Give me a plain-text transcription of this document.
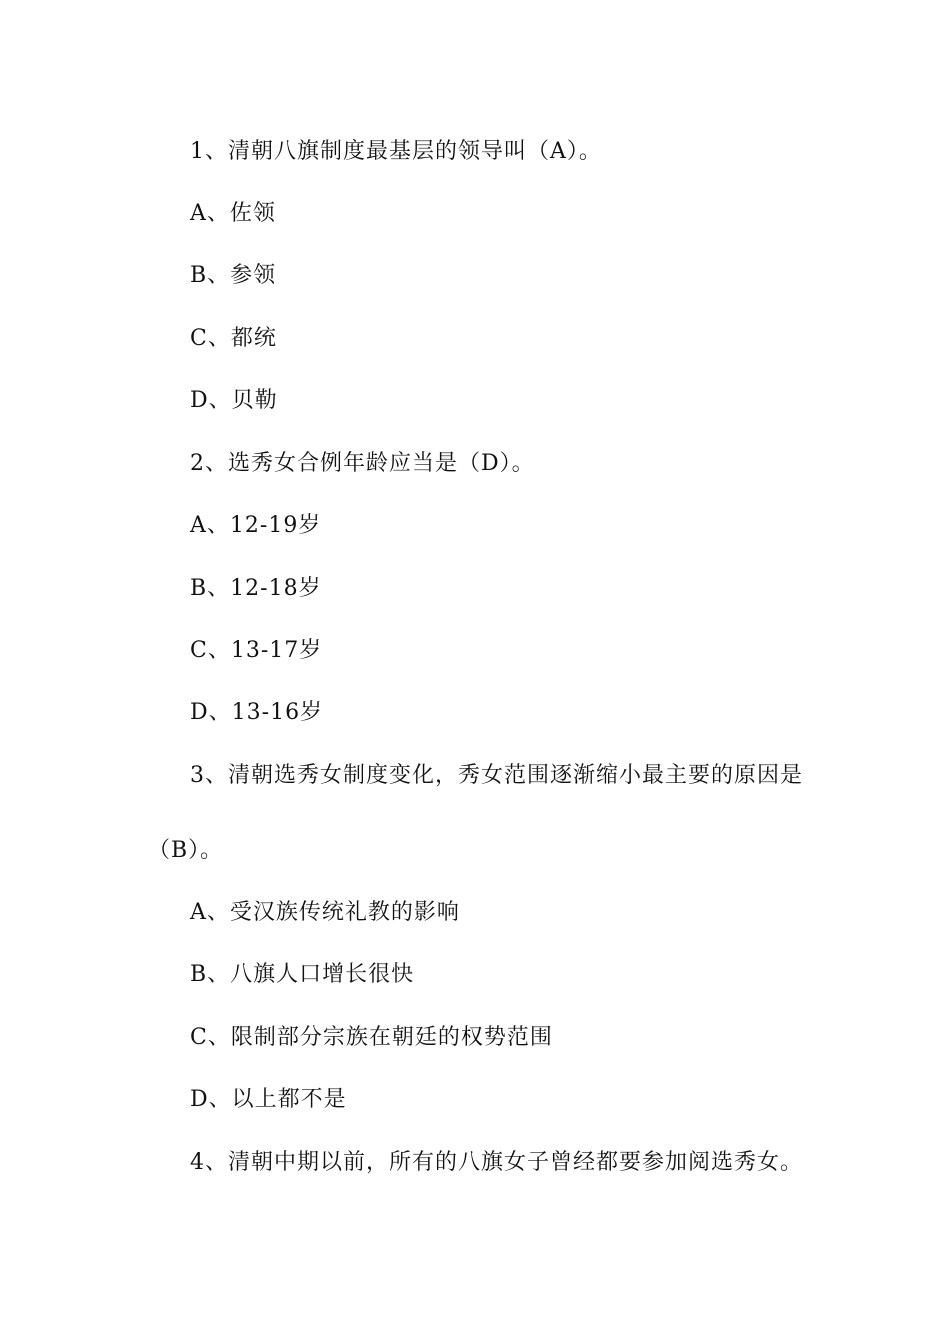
1、清朝八旗制度最基层的领导叫（A）。
A、佐领
B、参领
C、都统
D、贝勒
2、选秀女合例年龄应当是（D）。
A、12-19岁
B、12-18岁
C、13-17岁
D、13-16岁
3、清朝选秀女制度变化，秀女范围逐渐缩小最主要的原因是
（B）。
A、受汉族传统礼教的影响
B、八旗人口增长很快
C、限制部分宗族在朝廷的权势范围
D、以上都不是
4、清朝中期以前，所有的八旗女子曾经都要参加阅选秀女。
